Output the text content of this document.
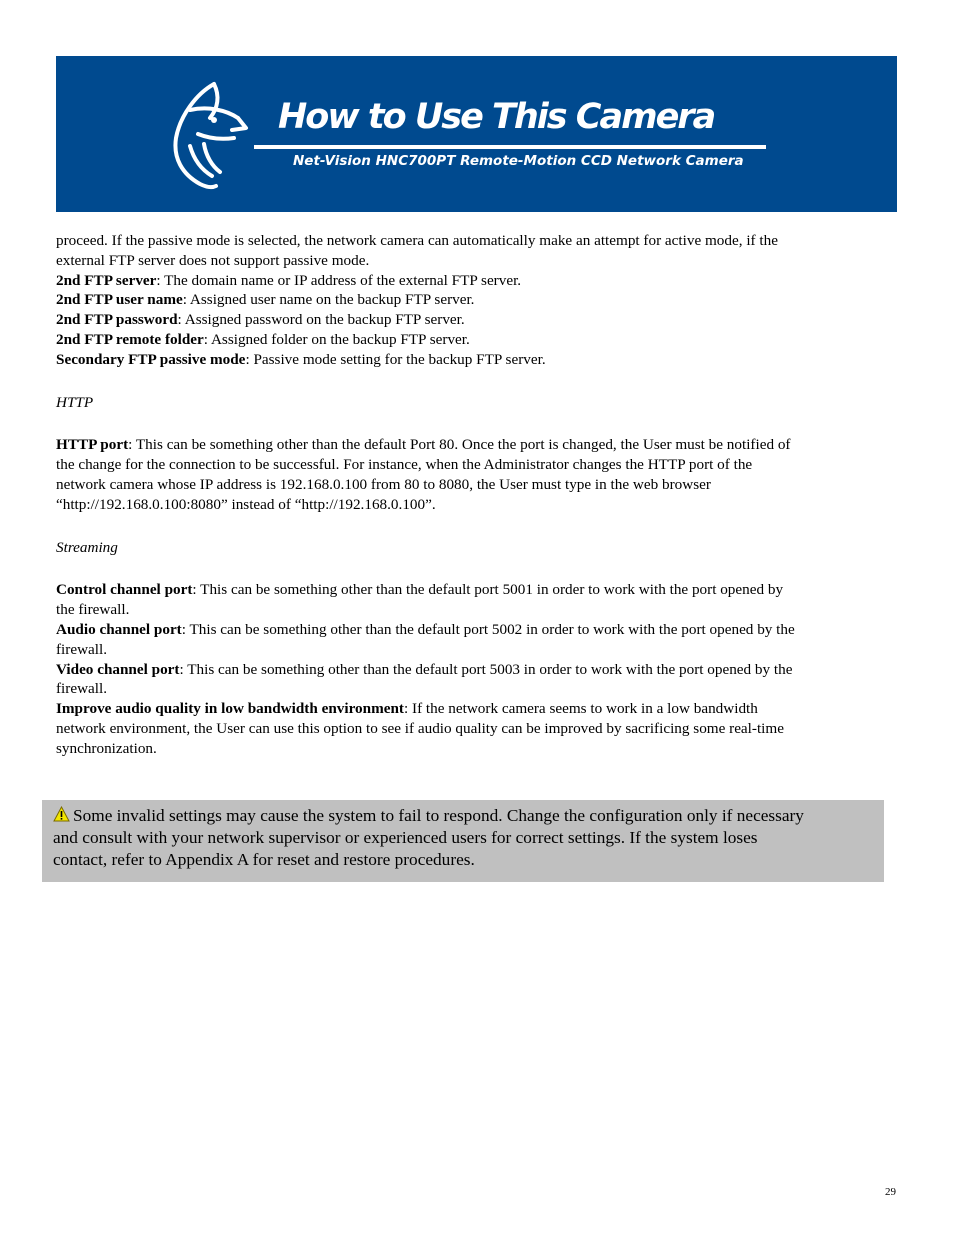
How to Use This Camera
Net-Vision HNC700PT Remote-Motion CCD Network Camera

proceed. If the passive mode is selected, the network camera can automatically make an attempt for active mode, if the

external FTP server does not support passive mode.

2nd FTP server: The domain name or IP address of the external FTP server.

2nd FTP user name: Assigned user name on the backup FTP server.

2nd FTP password: Assigned password on the backup FTP server.

2nd FTP remote folder: Assigned folder on the backup FTP server.

Secondary FTP passive mode: Passive mode setting for the backup FTP server.

HTTP

HTTP port: This can be something other than the default Port 80. Once the port is changed, the User must be notified of

the change for the connection to be successful. For instance, when the Administrator changes the HTTP port of the

network camera whose IP address is 192.168.0.100 from 80 to 8080, the User must type in the web browser

“http://192.168.0.100:8080” instead of “http://192.168.0.100”.

Streaming

Control channel port: This can be something other than the default port 5001 in order to work with the port opened by

the firewall.

Audio channel port: This can be something other than the default port 5002 in order to work with the port opened by the

firewall.

Video channel port: This can be something other than the default port 5003 in order to work with the port opened by the

firewall.

Improve audio quality in low bandwidth environment: If the network camera seems to work in a low bandwidth

network environment, the User can use this option to see if audio quality can be improved by sacrificing some real-time

synchronization.

Some invalid settings may cause the system to fail to respond. Change the configuration only if necessary
and consult with your network supervisor or experienced users for correct settings. If the system loses
contact, refer to Appendix A for reset and restore procedures.
29
